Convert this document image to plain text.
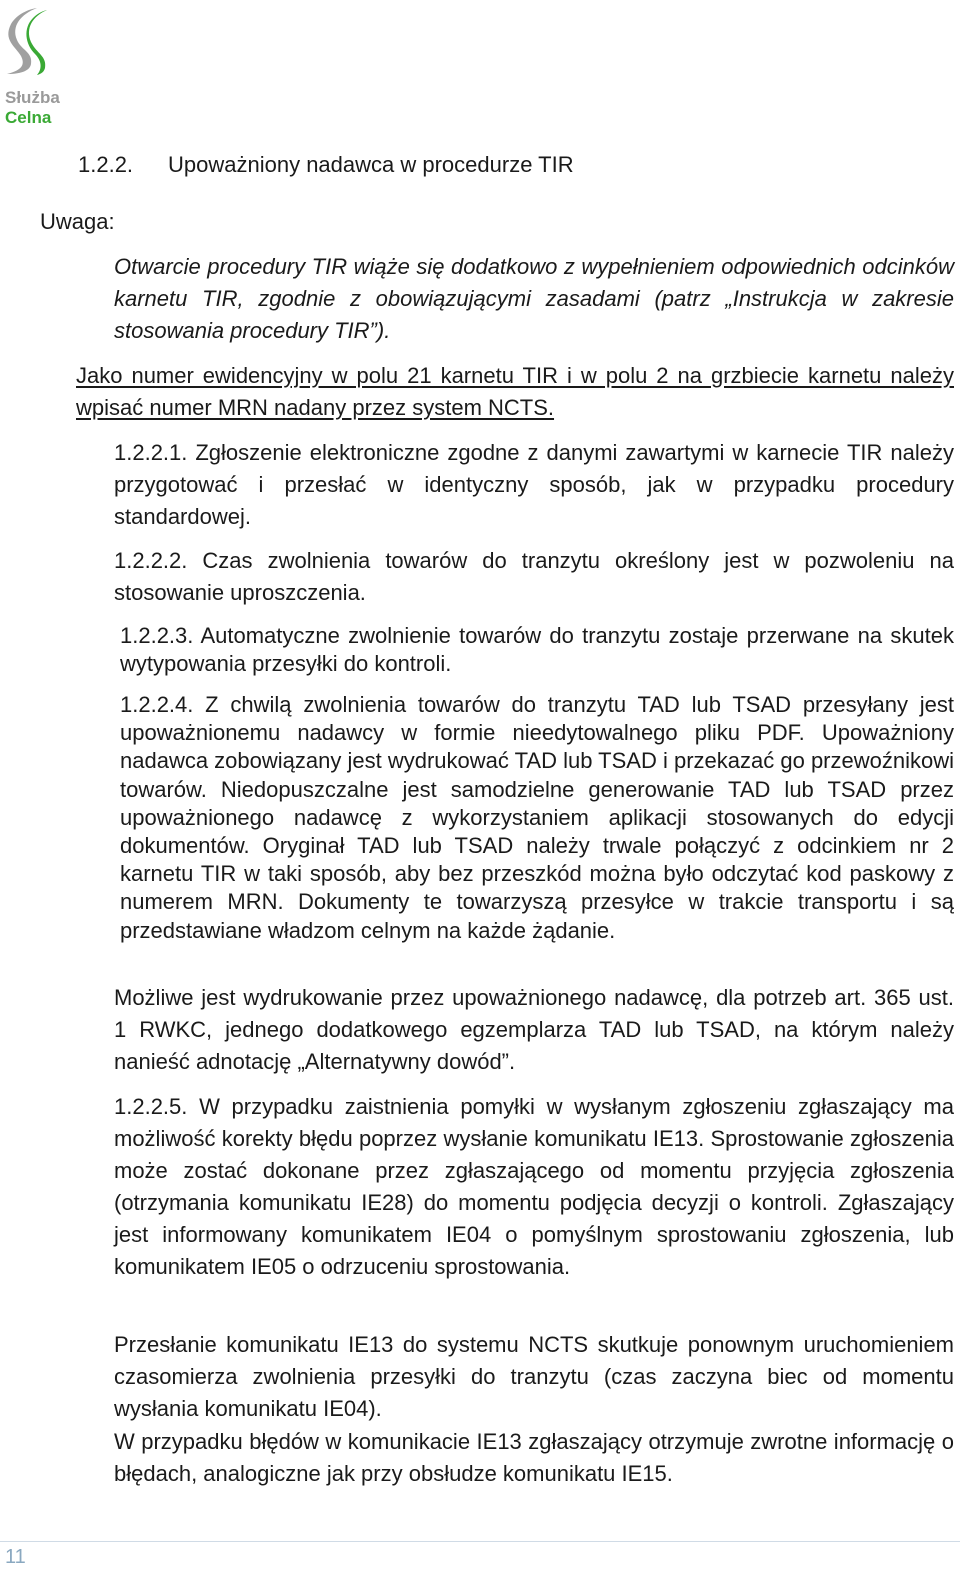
Służba
Celna
1.2.2. Upoważniony nadawca w procedurze TIR
Uwaga:
Otwarcie procedury TIR wiąże się dodatkowo z wypełnieniem odpowiednich odcinków karnetu TIR, zgodnie z obowiązującymi zasadami (patrz „Instrukcja w zakresie stosowania procedury TIR”).
Jako numer ewidencyjny w polu 21 karnetu TIR i w polu 2 na grzbiecie karnetu należy wpisać numer MRN nadany przez system NCTS.
1.2.2.1. Zgłoszenie elektroniczne zgodne z danymi zawartymi w karnecie TIR należy przygotować i przesłać w identyczny sposób, jak w przypadku procedury standardowej.
1.2.2.2. Czas zwolnienia towarów do tranzytu określony jest w pozwoleniu na stosowanie uproszczenia.
1.2.2.3. Automatyczne zwolnienie towarów do tranzytu zostaje przerwane na skutek wytypowania przesyłki do kontroli.
1.2.2.4. Z chwilą zwolnienia towarów do tranzytu TAD lub TSAD przesyłany jest upoważnionemu nadawcy w formie nieedytowalnego pliku PDF. Upoważniony nadawca zobowiązany jest wydrukować TAD lub TSAD i przekazać go przewoźnikowi towarów. Niedopuszczalne jest samodzielne generowanie TAD lub TSAD przez upoważnionego nadawcę z wykorzystaniem aplikacji stosowanych do edycji dokumentów. Oryginał TAD lub TSAD należy trwale połączyć z odcinkiem nr 2 karnetu TIR w taki sposób, aby bez przeszkód można było odczytać kod paskowy z numerem MRN. Dokumenty te towarzyszą przesyłce w trakcie transportu i są przedstawiane władzom celnym na każde żądanie.
Możliwe jest wydrukowanie przez upoważnionego nadawcę, dla potrzeb art. 365 ust. 1 RWKC, jednego dodatkowego egzemplarza TAD lub TSAD, na którym należy nanieść adnotację „Alternatywny dowód”.
1.2.2.5. W przypadku zaistnienia pomyłki w wysłanym zgłoszeniu zgłaszający ma możliwość korekty błędu poprzez wysłanie komunikatu IE13. Sprostowanie zgłoszenia może zostać dokonane przez zgłaszającego od momentu przyjęcia zgłoszenia (otrzymania komunikatu IE28) do momentu podjęcia decyzji o kontroli. Zgłaszający jest informowany komunikatem IE04 o pomyślnym sprostowaniu zgłoszenia, lub komunikatem IE05 o odrzuceniu sprostowania.
Przesłanie komunikatu IE13 do systemu NCTS skutkuje ponownym uruchomieniem czasomierza zwolnienia przesyłki do tranzytu (czas zaczyna biec od momentu wysłania komunikatu IE04).
W przypadku błędów w komunikacie IE13 zgłaszający otrzymuje zwrotne informację o błędach, analogiczne jak przy obsłudze komunikatu IE15.
11
